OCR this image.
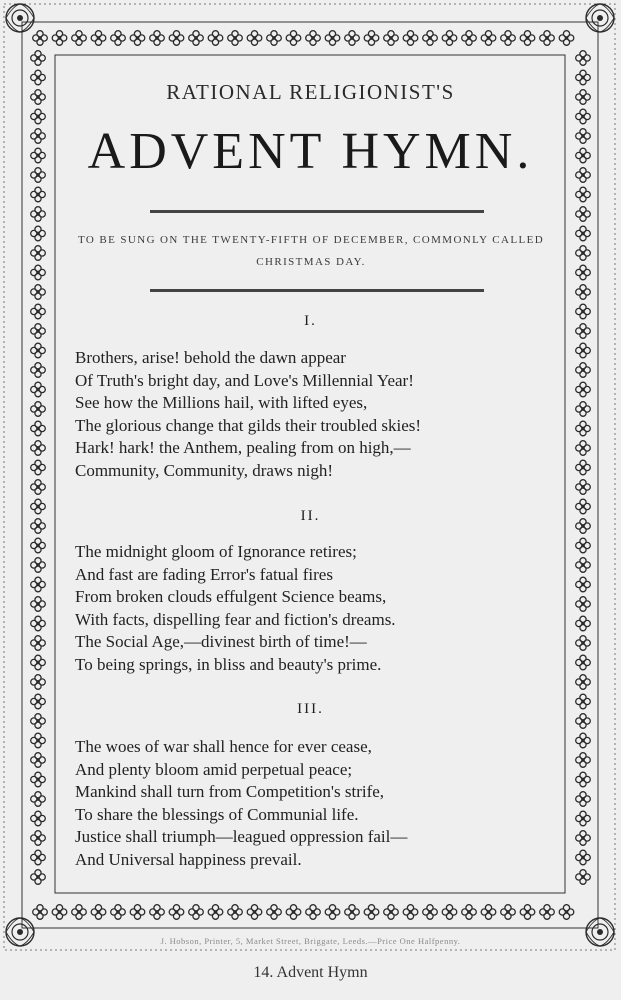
RATIONAL RELIGIONIST'S
ADVENT HYMN.
TO BE SUNG ON THE TWENTY-FIFTH OF DECEMBER, COMMONLY CALLED CHRISTMAS DAY.
I.
Brothers, arise! behold the dawn appear
Of Truth's bright day, and Love's Millennial Year!
See how the Millions hail, with lifted eyes,
The glorious change that gilds their troubled skies!
Hark! hark! the Anthem, pealing from on high,—
Community, Community, draws nigh!
II.
The midnight gloom of Ignorance retires;
And fast are fading Error's fatual fires
From broken clouds effulgent Science beams,
With facts, dispelling fear and fiction's dreams.
The Social Age,—divinest birth of time!—
To being springs, in bliss and beauty's prime.
III.
The woes of war shall hence for ever cease,
And plenty bloom amid perpetual peace;
Mankind shall turn from Competition's strife,
To share the blessings of Communial life.
Justice shall triumph—leagued oppression fail—
And Universal happiness prevail.
J. Hobson, Printer, 5, Market Street, Briggate, Leeds.—Price One Halfpenny.
14. Advent Hymn
